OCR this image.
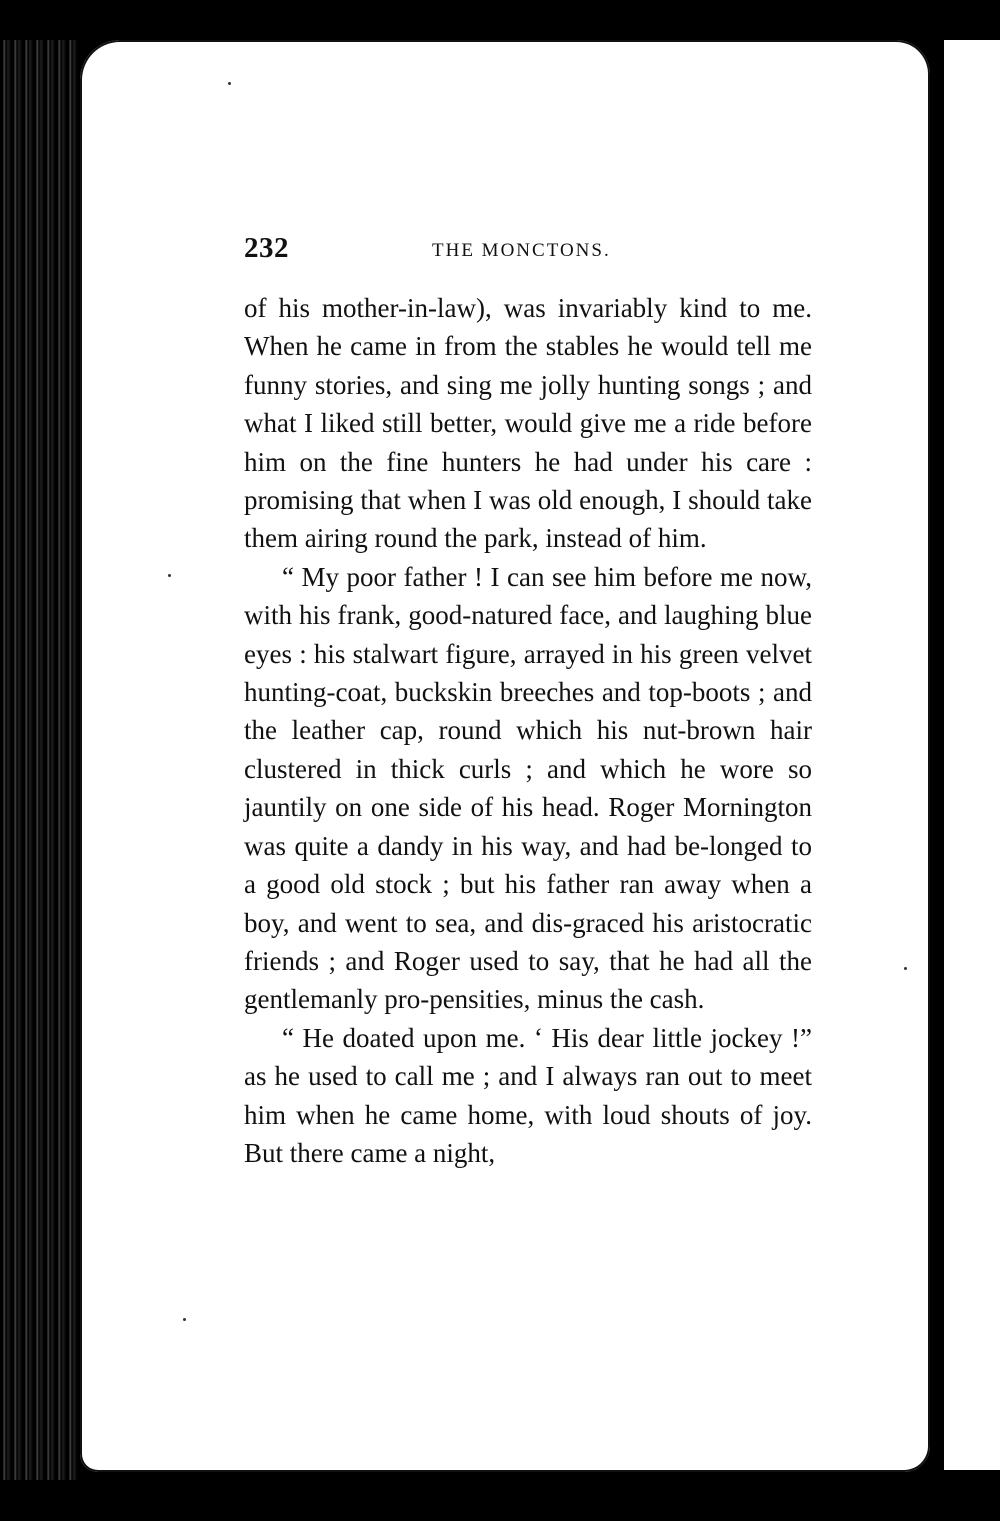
232	THE MONCTONS.

of his mother-in-law), was invariably kind to me. When he came in from the stables he would tell me funny stories, and sing me jolly hunting songs ; and what I liked still better, would give me a ride before him on the fine hunters he had under his care : promising that when I was old enough, I should take them airing round the park, instead of him.

“ My poor father ! I can see him before me now, with his frank, good-natured face, and laughing blue eyes : his stalwart figure, arrayed in his green velvet hunting-coat, buckskin breeches and top-boots ; and the leather cap, round which his nut-brown hair clustered in thick curls ; and which he wore so jauntily on one side of his head. Roger Mornington was quite a dandy in his way, and had be-longed to a good old stock ; but his father ran away when a boy, and went to sea, and dis-graced his aristocratic friends ; and Roger used to say, that he had all the gentlemanly pro-pensities, minus the cash.

“ He doated upon me. ‘ His dear little jockey !” as he used to call me ; and I always ran out to meet him when he came home, with loud shouts of joy. But there came a night,
